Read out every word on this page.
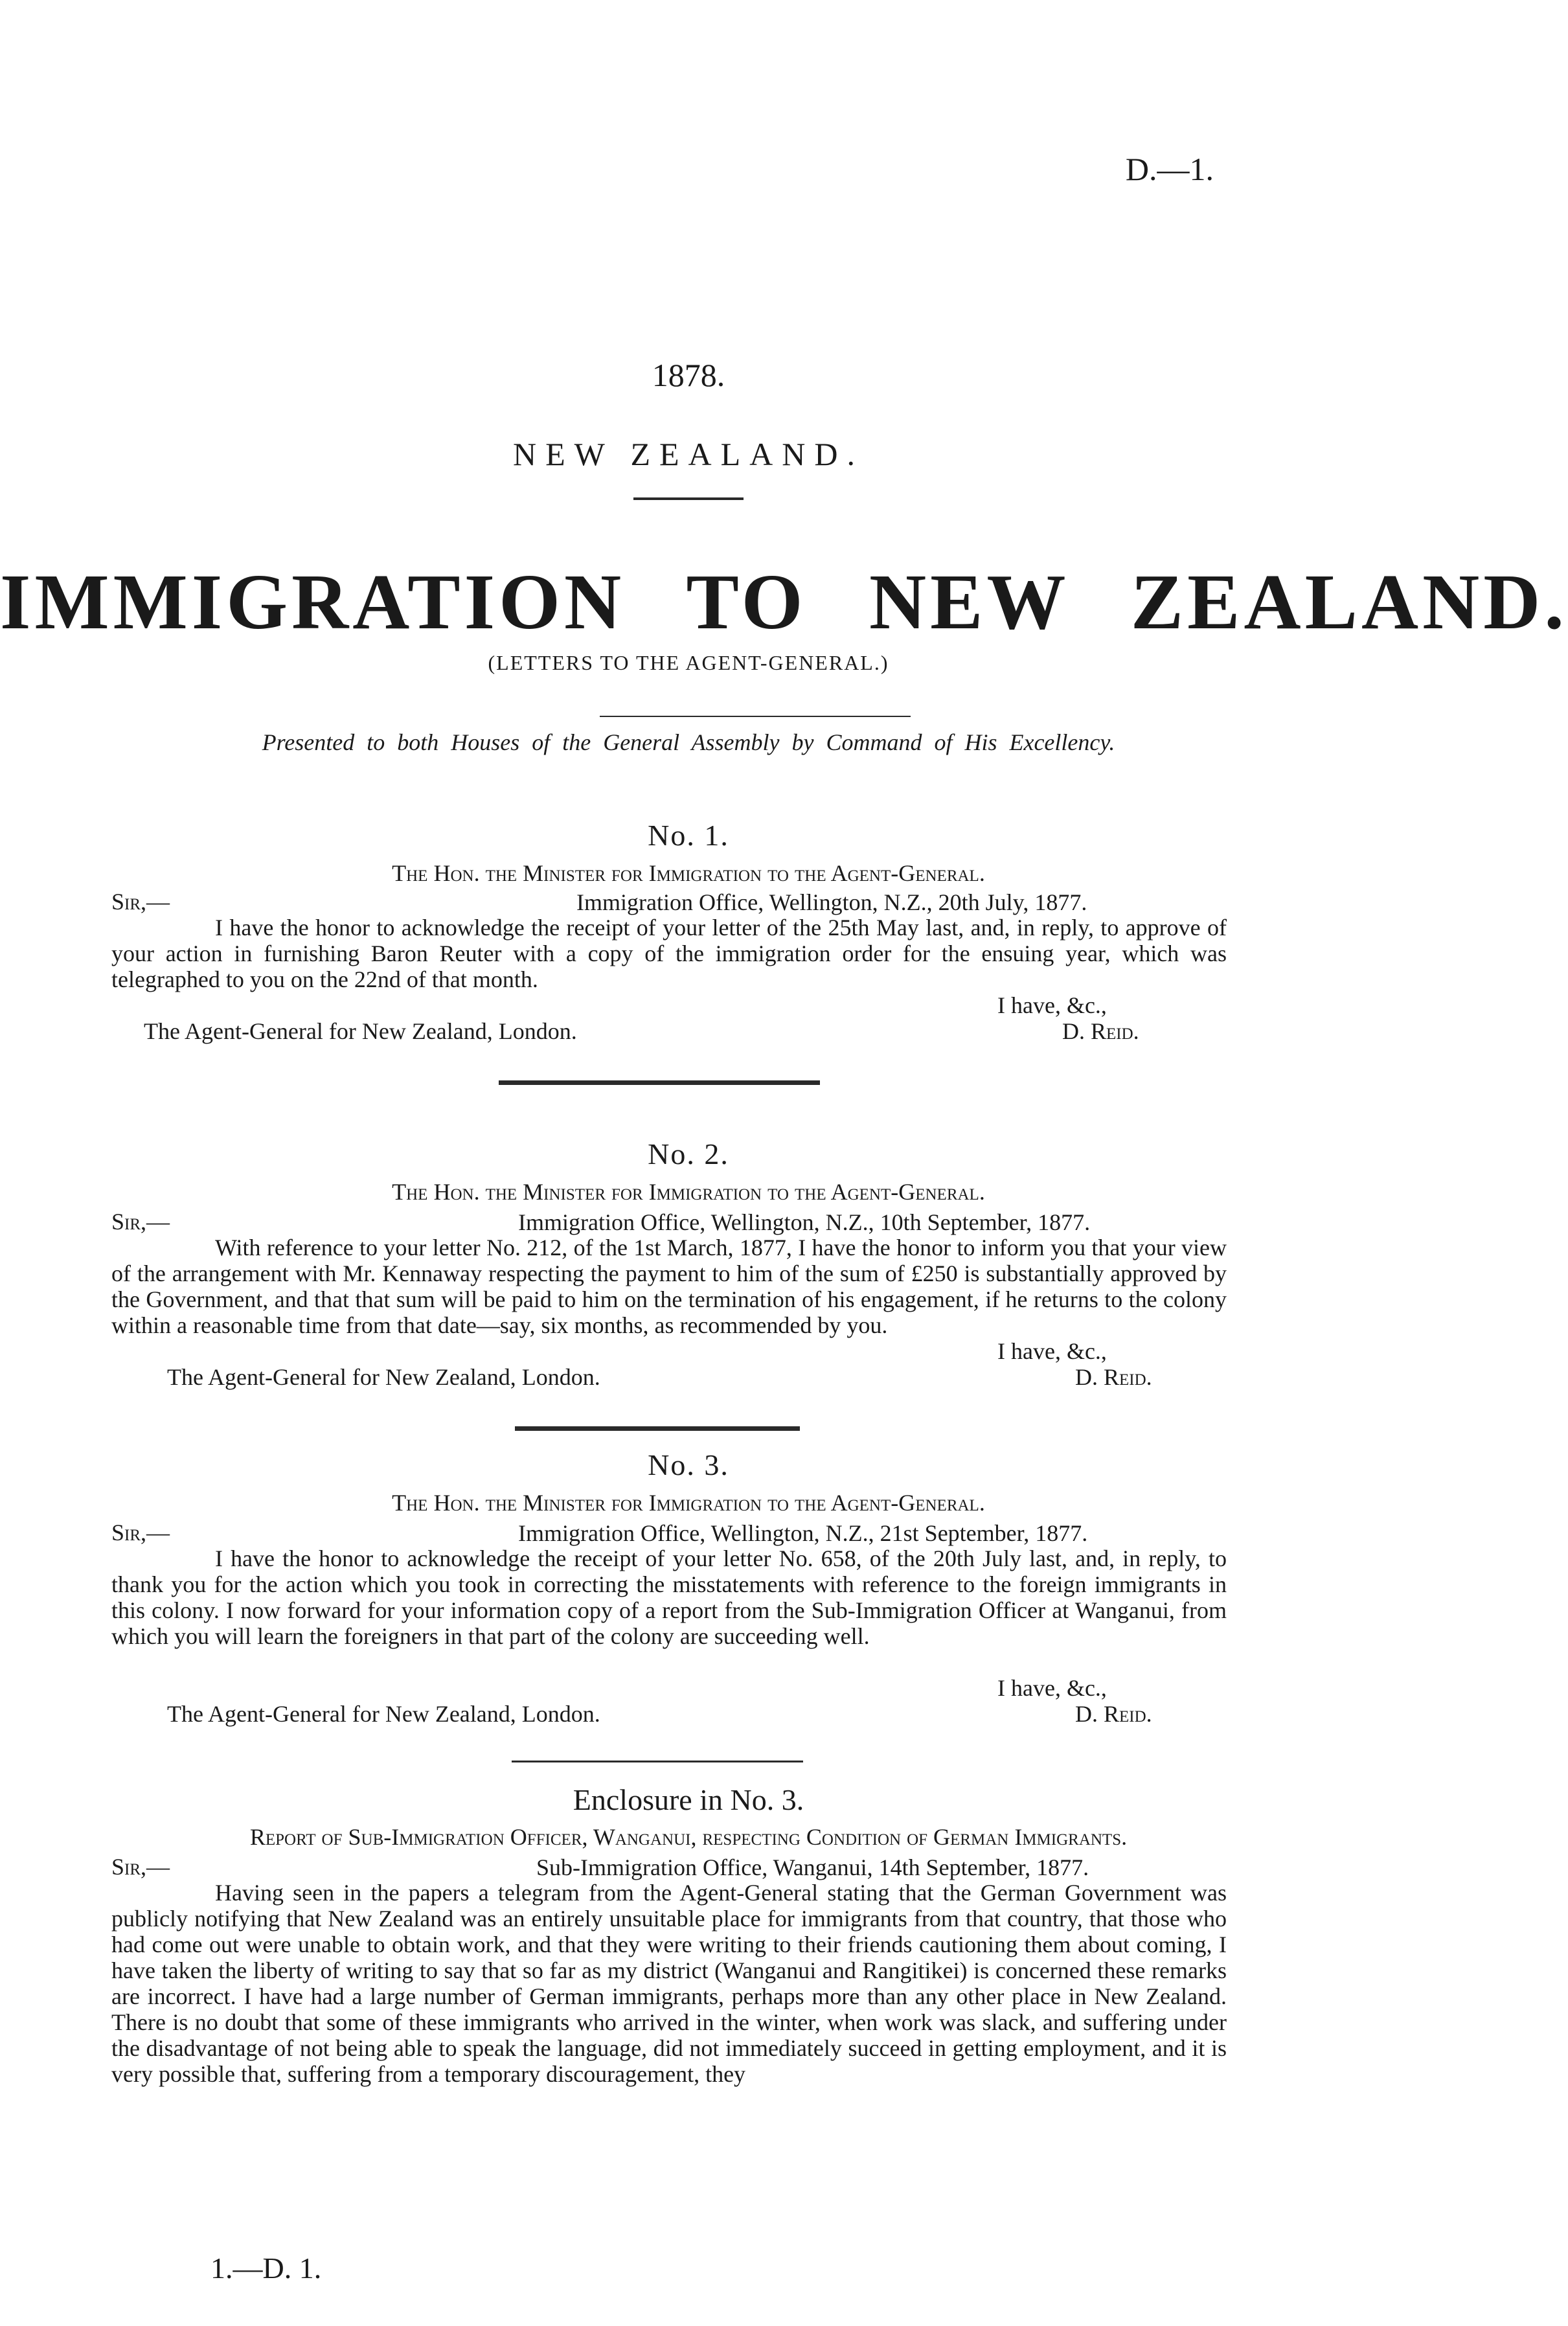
D.—1.
1878.
NEW ZEALAND.
IMMIGRATION TO NEW ZEALAND.
(LETTERS TO THE AGENT-GENERAL.)
Presented to both Houses of the General Assembly by Command of His Excellency.
No. 1.
The Hon. the Minister for Immigration to the Agent-General.
Sir,—	Immigration Office, Wellington, N.Z., 20th July, 1877.

I have the honor to acknowledge the receipt of your letter of the 25th May last, and, in reply, to approve of your action in furnishing Baron Reuter with a copy of the immigration order for the ensuing year, which was telegraphed to you on the 22nd of that month.

I have, &c.,
The Agent-General for New Zealand, London.	D. Reid.
No. 2.
The Hon. the Minister for Immigration to the Agent-General.
Sir,—	Immigration Office, Wellington, N.Z., 10th September, 1877.

With reference to your letter No. 212, of the 1st March, 1877, I have the honor to inform you that your view of the arrangement with Mr. Kennaway respecting the payment to him of the sum of £250 is substantially approved by the Government, and that that sum will be paid to him on the termination of his engagement, if he returns to the colony within a reasonable time from that date—say, six months, as recommended by you.

I have, &c.,
The Agent-General for New Zealand, London.	D. Reid.
No. 3.
The Hon. the Minister for Immigration to the Agent-General.
Sir,—	Immigration Office, Wellington, N.Z., 21st September, 1877.

I have the honor to acknowledge the receipt of your letter No. 658, of the 20th July last, and, in reply, to thank you for the action which you took in correcting the misstatements with reference to the foreign immigrants in this colony. I now forward for your information copy of a report from the Sub-Immigration Officer at Wanganui, from which you will learn the foreigners in that part of the colony are succeeding well.

I have, &c.,
The Agent-General for New Zealand, London.	D. Reid.
Enclosure in No. 3.
Report of Sub-Immigration Officer, Wanganui, respecting Condition of German Immigrants.
Sir,—	Sub-Immigration Office, Wanganui, 14th September, 1877.

Having seen in the papers a telegram from the Agent-General stating that the German Government was publicly notifying that New Zealand was an entirely unsuitable place for immigrants from that country, that those who had come out were unable to obtain work, and that they were writing to their friends cautioning them about coming, I have taken the liberty of writing to say that so far as my district (Wanganui and Rangitikei) is concerned these remarks are incorrect. I have had a large number of German immigrants, perhaps more than any other place in New Zealand. There is no doubt that some of these immigrants who arrived in the winter, when work was slack, and suffering under the disadvantage of not being able to speak the language, did not immediately succeed in getting employment, and it is very possible that, suffering from a temporary discouragement, they

1.—D. 1.
